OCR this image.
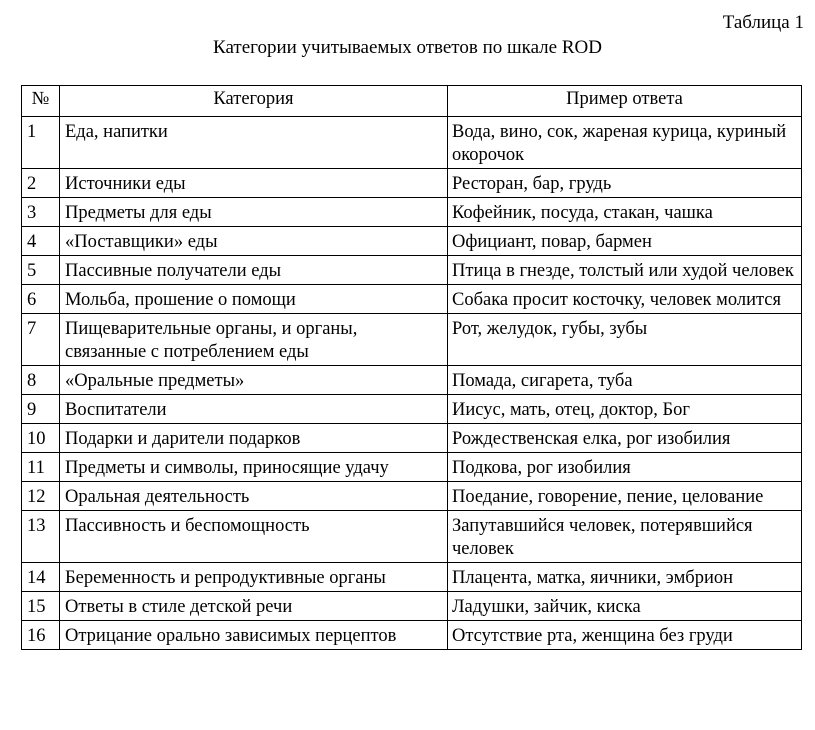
Таблица 1
Категории учитываемых ответов по шкале ROD
№	Категория	Пример ответа
1	Еда, напитки	Вода, вино, сок, жареная курица, куриный окорочок
2	Источники еды	Ресторан, бар, грудь
3	Предметы для еды	Кофейник, посуда, стакан, чашка
4	«Поставщики» еды	Официант, повар, бармен
5	Пассивные получатели еды	Птица в гнезде, толстый или худой человек
6	Мольба, прошение о помощи	Собака просит косточку, человек молится
7	Пищеварительные органы, и органы, связанные с потреблением еды	Рот, желудок, губы, зубы
8	«Оральные предметы»	Помада, сигарета, туба
9	Воспитатели	Иисус, мать, отец, доктор, Бог
10	Подарки и дарители подарков	Рождественская елка, рог изобилия
11	Предметы и символы, приносящие удачу	Подкова, рог изобилия
12	Оральная деятельность	Поедание, говорение, пение, целование
13	Пассивность и беспомощность	Запутавшийся человек, потерявшийся человек
14	Беременность и репродуктивные органы	Плацента, матка, яичники, эмбрион
15	Ответы в стиле детской речи	Ладушки, зайчик, киска
16	Отрицание орально зависимых перцептов	Отсутствие рта, женщина без груди
